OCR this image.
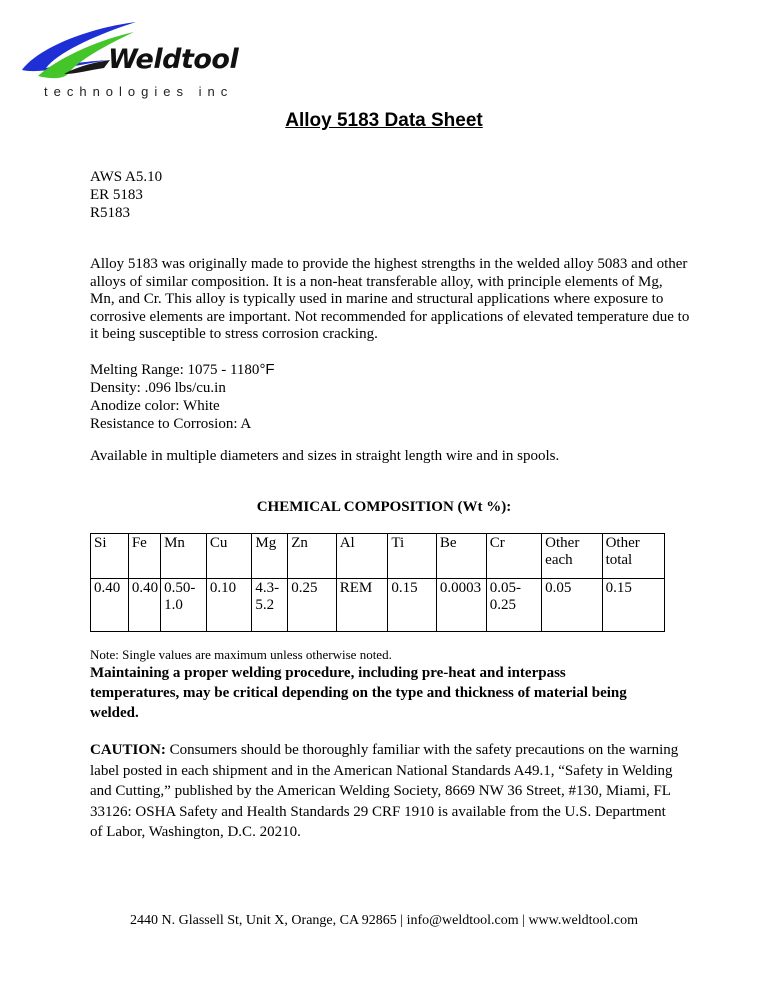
Weldtool
technologies inc
Alloy 5183 Data Sheet
AWS A5.10
ER 5183
R5183
Alloy 5183 was originally made to provide the highest strengths in the welded alloy 5083 and other alloys of similar composition. It is a non-heat transferable alloy, with principle elements of Mg, Mn, and Cr. This alloy is typically used in marine and structural applications where exposure to corrosive elements are important. Not recommended for applications of elevated temperature due to it being susceptible to stress corrosion cracking.
Melting Range: 1075 - 1180°F
Density: .096 lbs/cu.in
Anodize color: White
Resistance to Corrosion: A
Available in multiple diameters and sizes in straight length wire and in spools.
CHEMICAL COMPOSITION (Wt %):
Si	Fe	Mn	Cu	Mg	Zn	Al	Ti	Be	Cr	Other each	Other total
0.40	0.40	0.50-1.0	0.10	4.3-5.2	0.25	REM	0.15	0.0003	0.05-0.25	0.05	0.15
Note: Single values are maximum unless otherwise noted.
Maintaining a proper welding procedure, including pre-heat and interpass temperatures, may be critical depending on the type and thickness of material being welded.
CAUTION: Consumers should be thoroughly familiar with the safety precautions on the warning label posted in each shipment and in the American National Standards A49.1, “Safety in Welding and Cutting,” published by the American Welding Society, 8669 NW 36 Street, #130, Miami, FL 33126: OSHA Safety and Health Standards 29 CRF 1910 is available from the U.S. Department of Labor, Washington, D.C. 20210.
2440 N. Glassell St, Unit X, Orange, CA 92865 | info@weldtool.com | www.weldtool.com
